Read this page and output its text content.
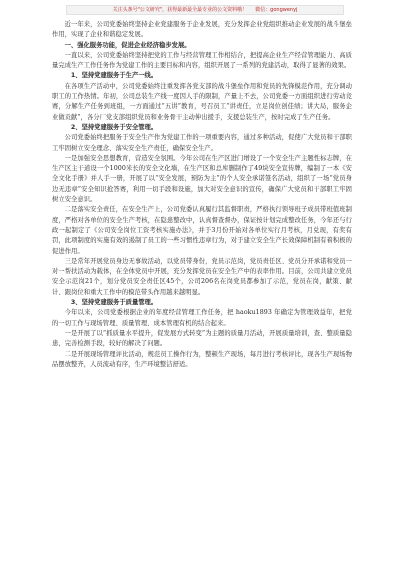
关注头条号"公文研究"，获得最新最全最专业的公文资料哦！ 微信：gongwenyj

近一年来，公司党委始终坚持企业党建服务于企业发展，充分发挥企业党组织推动企业发展的战斗堡垒作用，实现了企业和谐稳定发展。

一、强化服务功能，促进企业经济稳步发展。

一直以来，公司党委始终坚持把党的工作与经营管理工作相结合，把提高企业生产经营管理能力、高质量完成生产工作任务作为党建工作的主要目标和内容，组织开展了一系列的党建活动，取得了显著的效果。

1、坚持党建服务于生产一线。

在各项生产活动中，公司党委始终注重发挥各党支部的战斗堡垒作用和党员的先锋模范作用，充分调动职工的工作热情。年初，公司总装生产线一度因人手的限制，产量上不去，公司党委一方面组织进行劳动竞赛，分解生产任务到班组，一方面通过“五讲”教育，号召员工“讲责任，立足岗位创佳绩；讲大局，服务企业做贡献”，各分厂党支部组织党员和业务骨干主动伸出援手，支援总装生产，按时完成了生产任务。

2、坚持党建服务于安全管理。

公司党委始终把服务于安全生产作为党建工作的一项重要内容，通过多种活动，促使广大党员和干部职工牢固树立安全理念、落实安全生产责任，确保安全生产。

一是加强安全思想教育，营造安全氛围。今年公司在生产区进门增设了一个安全生产主题性标志牌，在生产区主干道设一个1000米长的安全文化墙，在生产区和总库删制作了49块安全宣传牌，编制了一本《安全文化手册》并人手一册，开展了以“安全发展，预防为主”的个人安全承诺签名活动，组织了一场“党员身边无违章”安全知识抢答赛，利用一切手段和设施，加大对安全意识的宣传，确保广大党员和干部职工牢固树立安全意识。

二是落实安全责任，在安全生产上，公司党委认真履行其监督职责，严格执行领导班子成员带班值班制度，严格对各单位的安全生产考核，在隐患整改中，认真督查督办，保证按计划完成整改任务，今年还与行政一起制定了《公司安全岗位工资考核实施办法》，并于3月份开始对各单位实行月考核，月兑现，有奖有罚，此项制度的实施有效的遏制了员工的一些习惯性违章行为，对于建立安全生产长效保障机制有着积极的促进作用。

三是常年开展党员身边无事故活动，以党员带身份，党员示范岗，党员责任区、党员分开承诺和党员一对一帮扶活动为载体，在全体党员中开展，充分发挥党员在安全生产中的表率作用。目前，公司共建立党员安全示范岗21个，划分党员安全责任区45个，公司206名在岗党员都参加了示范，党员在岗，献策、献计、跟岗位和重大工作中的模范带头作用越来越明显。

3、坚持党建服务于质量管理。

今年以来，公司党委根据企业的年度经营管理工作任务，把 haoku1893 年确定为管理效益年，把党的一切工作与现场管理、质量管理、成本管理有机的结合起来。

一是开展了以“抓质量水平提升，促发展方式转变”为主题的质量月活动，开展质量培训，查、整质量隐患，完善检测手段，较好的解决了问题。

二是开展现场管理评比活动，规范员工操作行为，整顿生产现场，每月进行考核评比，现各生产现场物品摆放整齐，人员流动有序，生产环境整洁舒适。
